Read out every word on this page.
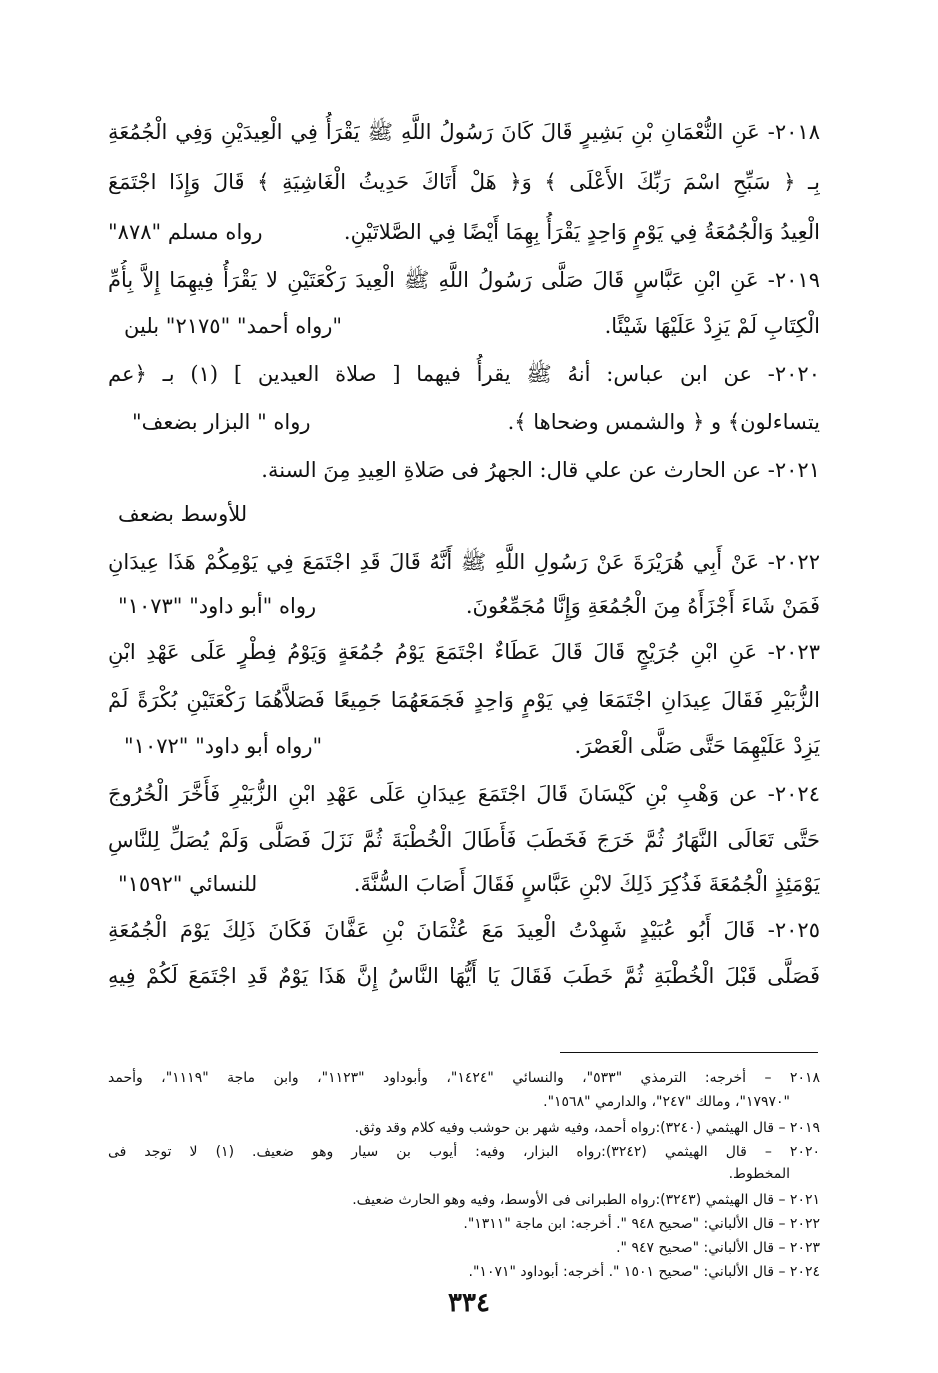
٢٠١٨- عَنِ النُّعْمَانِ بْنِ بَشِيرٍ قَالَ كَانَ رَسُولُ اللَّهِ ﷺ يَقْرَأُ فِي الْعِيدَيْنِ وَفِي الْجُمُعَةِ
بِـ ﴿ سَبِّحِ اسْمَ رَبِّكَ الأَعْلَى ﴾ وَ﴿ هَلْ أَتَاكَ حَدِيثُ الْغَاشِيَةِ ﴾ قَالَ وَإِذَا اجْتَمَعَ
الْعِيدُ وَالْجُمُعَةُ فِي يَوْمٍ وَاحِدٍ يَقْرَأُ بِهِمَا أَيْضًا فِي الصَّلاتَيْنِ.
رواه مسلم "٨٧٨"
٢٠١٩- عَنِ ابْنِ عَبَّاسٍ قَالَ صَلَّى رَسُولُ اللَّهِ ﷺ الْعِيدَ رَكْعَتَيْنِ لا يَقْرَأُ فِيهِمَا إِلاَّ بِأُمِّ
الْكِتَابِ لَمْ يَزِدْ عَلَيْهَا شَيْئًا.
"رواه أحمد" "٢١٧٥" بلين
٢٠٢٠- عن ابن عباس: أنهُ ﷺ يقرأُ فيهما [ صلاة العيدين ] (١) بـ ﴿عم
يتساءلون﴾ و ﴿ والشمس وضحاها ﴾.
رواه " البزار بضعف"
٢٠٢١- عن الحارث عن علي قال: الجهرُ فى صَلاةِ العِيدِ مِنَ السنة.
للأوسط بضعف
٢٠٢٢- عَنْ أَبِي هُرَيْرَةَ عَنْ رَسُولِ اللَّهِ ﷺ أَنَّهُ قَالَ قَدِ اجْتَمَعَ فِي يَوْمِكُمْ هَذَا عِيدَانِ
فَمَنْ شَاءَ أَجْزَأَهُ مِنَ الْجُمُعَةِ وَإِنَّا مُجَمِّعُونَ.
رواه "أبو داود" "١٠٧٣"
٢٠٢٣- عَنِ ابْنِ جُرَيْجٍ قَالَ قَالَ عَطَاءٌ اجْتَمَعَ يَوْمُ جُمُعَةٍ وَيَوْمُ فِطْرٍ عَلَى عَهْدِ ابْنِ
الزُّبَيْرِ فَقَالَ عِيدَانِ اجْتَمَعَا فِي يَوْمٍ وَاحِدٍ فَجَمَعَهُمَا جَمِيعًا فَصَلاَّهُمَا رَكْعَتَيْنِ بُكْرَةً لَمْ
يَزِدْ عَلَيْهِمَا حَتَّى صَلَّى الْعَصْرَ.
"رواه أبو داود" "١٠٧٢"
٢٠٢٤- عن وَهْبِ بْنِ كَيْسَانَ قَالَ اجْتَمَعَ عِيدَانِ عَلَى عَهْدِ ابْنِ الزُّبَيْرِ فَأَخَّرَ الْخُرُوجَ
حَتَّى تَعَالَى النَّهَارُ ثُمَّ خَرَجَ فَخَطَبَ فَأَطَالَ الْخُطْبَةَ ثُمَّ نَزَلَ فَصَلَّى وَلَمْ يُصَلِّ لِلنَّاسِ
يَوْمَئِذٍ الْجُمُعَةَ فَذُكِرَ ذَلِكَ لابْنِ عَبَّاسٍ فَقَالَ أَصَابَ السُّنَّةَ.
للنسائي "١٥٩٢"
٢٠٢٥- قَالَ أَبُو عُبَيْدٍ شَهِدْتُ الْعِيدَ مَعَ عُثْمَانَ بْنِ عَفَّانَ فَكَانَ ذَلِكَ يَوْمَ الْجُمُعَةِ
فَصَلَّى قَبْلَ الْخُطْبَةِ ثُمَّ خَطَبَ فَقَالَ يَا أَيُّهَا النَّاسُ إِنَّ هَذَا يَوْمٌ قَدِ اجْتَمَعَ لَكُمْ فِيهِ
٢٠١٨ – أخرجه: الترمذي "٥٣٣"، والنسائي "١٤٢٤"، وأبوداود "١١٢٣"، وابن ماجة "١١١٩"، وأحمد
"١٧٩٧٠"، ومالك "٢٤٧"، والدارمي "١٥٦٨".
٢٠١٩ – قال الهيثمي (٣٢٤٠):رواه أحمد، وفيه شهر بن حوشب وفيه كلام وقد وثق.
٢٠٢٠ – قال الهيثمي (٣٢٤٢):رواه البزار، وفيه: أيوب بن سيار وهو ضعيف. (١) لا توجد فى
المخطوط.
٢٠٢١ – قال الهيثمي (٣٢٤٣):رواه الطبرانى فى الأوسط، وفيه وهو الحارث ضعيف.
٢٠٢٢ – قال الألباني: "صحيح ٩٤٨ ". أخرجه: ابن ماجة "١٣١١".
٢٠٢٣ – قال الألباني: "صحيح ٩٤٧ ".
٢٠٢٤ – قال الألباني: "صحيح ١٥٠١ ". أخرجه: أبوداود "١٠٧١".
٣٣٤
